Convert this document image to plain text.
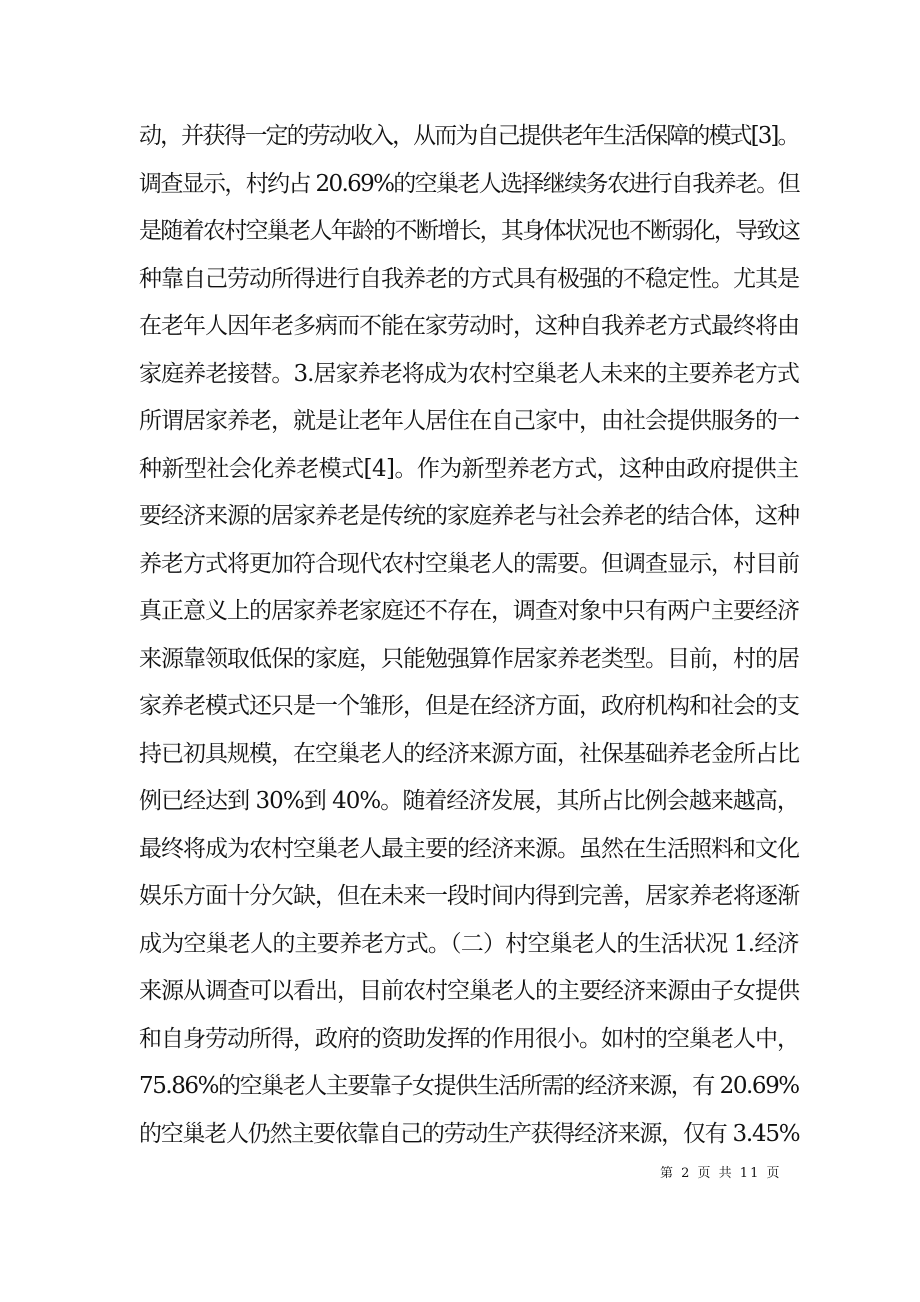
动，并获得一定的劳动收入，从而为自己提供老年生活保障的模式[3]。
调查显示，村约占 20.69%的空巢老人选择继续务农进行自我养老。但
是随着农村空巢老人年龄的不断增长，其身体状况也不断弱化，导致这
种靠自己劳动所得进行自我养老的方式具有极强的不稳定性。尤其是
在老年人因年老多病而不能在家劳动时，这种自我养老方式最终将由
家庭养老接替。3.居家养老将成为农村空巢老人未来的主要养老方式
所谓居家养老，就是让老年人居住在自己家中，由社会提供服务的一
种新型社会化养老模式[4]。作为新型养老方式，这种由政府提供主
要经济来源的居家养老是传统的家庭养老与社会养老的结合体，这种
养老方式将更加符合现代农村空巢老人的需要。但调查显示，村目前
真正意义上的居家养老家庭还不存在，调查对象中只有两户主要经济
来源靠领取低保的家庭，只能勉强算作居家养老类型。目前，村的居
家养老模式还只是一个雏形，但是在经济方面，政府机构和社会的支
持已初具规模，在空巢老人的经济来源方面，社保基础养老金所占比
例已经达到 30%到 40%。随着经济发展，其所占比例会越来越高，
最终将成为农村空巢老人最主要的经济来源。虽然在生活照料和文化
娱乐方面十分欠缺，但在未来一段时间内得到完善，居家养老将逐渐
成为空巢老人的主要养老方式。（二）村空巢老人的生活状况 1.经济
来源从调查可以看出，目前农村空巢老人的主要经济来源由子女提供
和自身劳动所得，政府的资助发挥的作用很小。如村的空巢老人中，
75.86%的空巢老人主要靠子女提供生活所需的经济来源，有 20.69%
的空巢老人仍然主要依靠自己的劳动生产获得经济来源，仅有 3.45%
第 2 页 共 11 页
